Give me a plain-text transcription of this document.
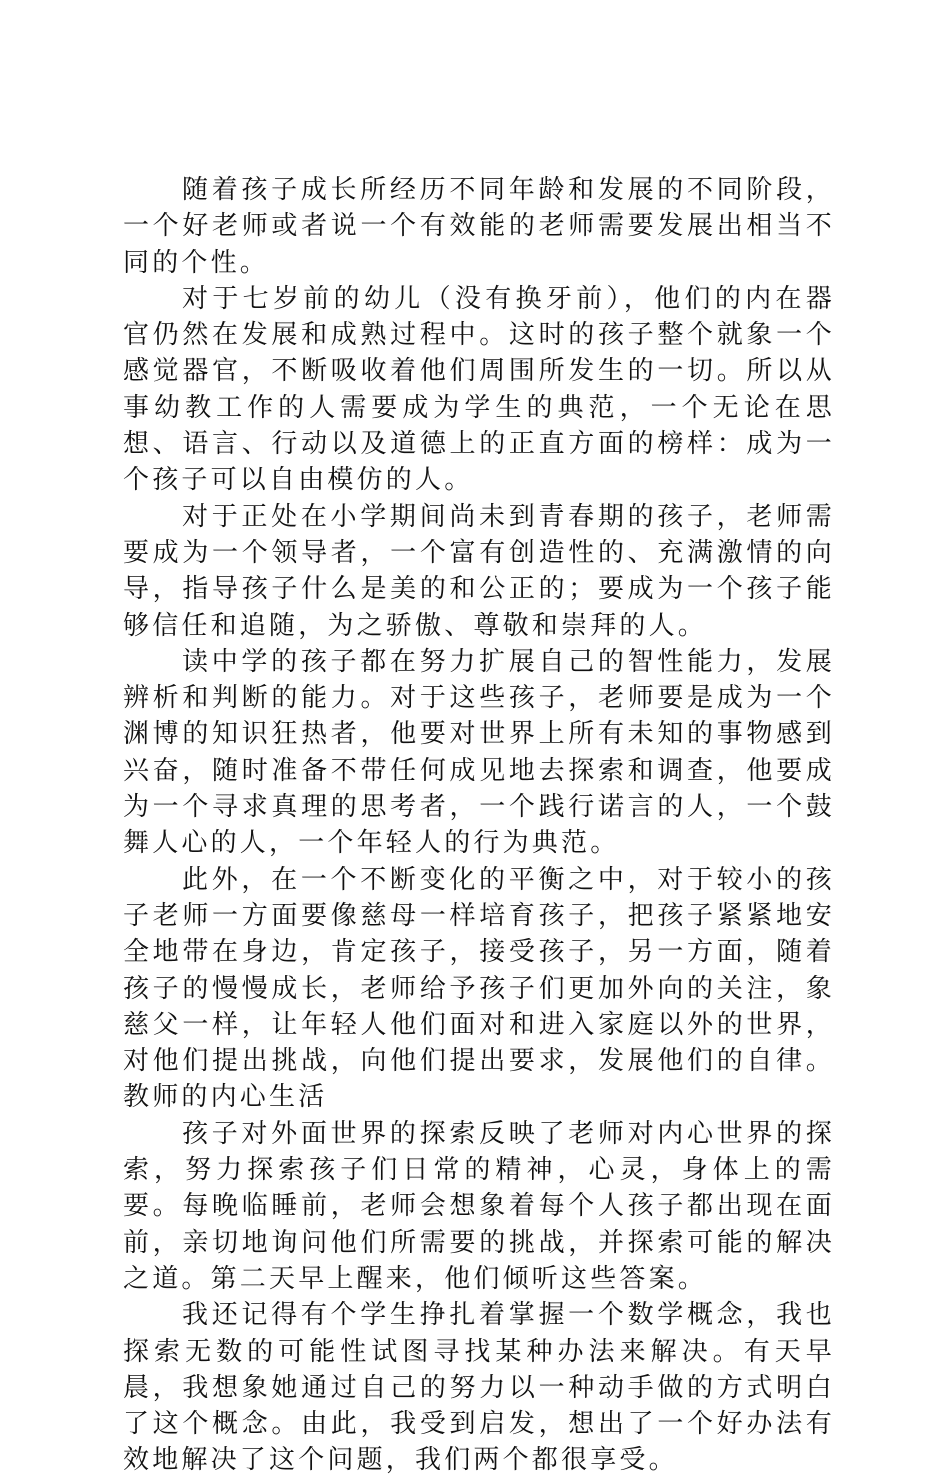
随着孩子成长所经历不同年龄和发展的不同阶段，一个好老师或者说一个有效能的老师需要发展出相当不同的个性。

对于七岁前的幼儿（没有换牙前），他们的内在器官仍然在发展和成熟过程中。这时的孩子整个就象一个感觉器官，不断吸收着他们周围所发生的一切。所以从事幼教工作的人需要成为学生的典范，一个无论在思想、语言、行动以及道德上的正直方面的榜样：成为一个孩子可以自由模仿的人。

对于正处在小学期间尚未到青春期的孩子，老师需要成为一个领导者，一个富有创造性的、充满激情的向导，指导孩子什么是美的和公正的；要成为一个孩子能够信任和追随，为之骄傲、尊敬和崇拜的人。

读中学的孩子都在努力扩展自己的智性能力，发展辨析和判断的能力。对于这些孩子，老师要是成为一个渊博的知识狂热者，他要对世界上所有未知的事物感到兴奋，随时准备不带任何成见地去探索和调查，他要成为一个寻求真理的思考者，一个践行诺言的人，一个鼓舞人心的人，一个年轻人的行为典范。

此外，在一个不断变化的平衡之中，对于较小的孩子老师一方面要像慈母一样培育孩子，把孩子紧紧地安全地带在身边，肯定孩子，接受孩子，另一方面，随着孩子的慢慢成长，老师给予孩子们更加外向的关注，象慈父一样，让年轻人他们面对和进入家庭以外的世界，对他们提出挑战，向他们提出要求，发展他们的自律。教师的内心生活

孩子对外面世界的探索反映了老师对内心世界的探索，努力探索孩子们日常的精神，心灵，身体上的需要。每晚临睡前，老师会想象着每个人孩子都出现在面前，亲切地询问他们所需要的挑战，并探索可能的解决之道。第二天早上醒来，他们倾听这些答案。

我还记得有个学生挣扎着掌握一个数学概念，我也探索无数的可能性试图寻找某种办法来解决。有天早晨，我想象她通过自己的努力以一种动手做的方式明白了这个概念。由此，我受到启发，想出了一个好办法有效地解决了这个问题，我们两个都很享受。
